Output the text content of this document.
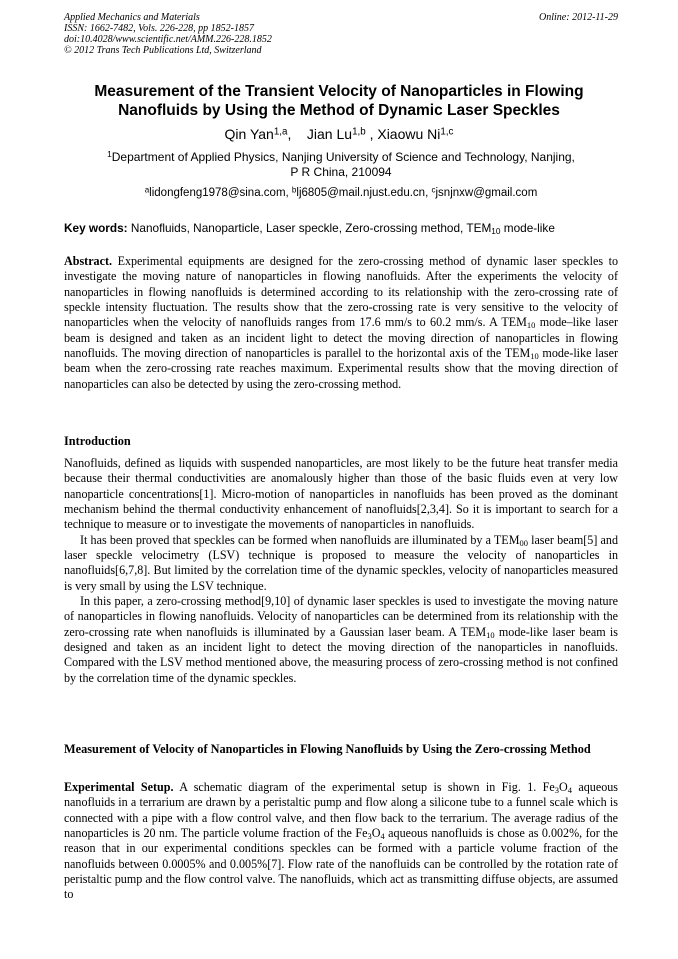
Applied Mechanics and Materials
ISSN: 1662-7482, Vols. 226-228, pp 1852-1857
doi:10.4028/www.scientific.net/AMM.226-228.1852
© 2012 Trans Tech Publications Ltd, Switzerland
Online: 2012-11-29
Measurement of the Transient Velocity of Nanoparticles in Flowing
Nanofluids by Using the Method of Dynamic Laser Speckles
Qin Yan$^{1,a}$,    Jian Lu$^{1,b}$ , Xiaowu Ni$^{1,c}$
$^1$Department of Applied Physics, Nanjing University of Science and Technology, Nanjing,
P R China, 210094
$^a$lidongfeng1978@sina.com, $^b$lj6805@mail.njust.edu.cn, $^c$jsnjnxw@gmail.com
Key words: Nanofluids, Nanoparticle, Laser speckle, Zero-crossing method, $TEM_{10}$ mode-like
Abstract. Experimental equipments are designed for the zero-crossing method of dynamic laser speckles to investigate the moving nature of nanoparticles in flowing nanofluids. After the experiments the velocity of nanoparticles in flowing nanofluids is determined according to its relationship with the zero-crossing rate of speckle intensity fluctuation. The results show that the zero-crossing rate is very sensitive to the velocity of nanoparticles when the velocity of nanofluids ranges from 17.6 mm/s to 60.2 mm/s. A $TEM_{10}$ mode–like laser beam is designed and taken as an incident light to detect the moving direction of nanoparticles in flowing nanofluids. The moving direction of nanoparticles is parallel to the horizontal axis of the $TEM_{10}$ mode-like laser beam when the zero-crossing rate reaches maximum. Experimental results show that the moving direction of nanoparticles can also be detected by using the zero-crossing method.
Introduction

Nanofluids, defined as liquids with suspended nanoparticles, are most likely to be the future heat transfer media because their thermal conductivities are anomalously higher than those of the basic fluids even at very low nanoparticle concentrations[1]. Micro-motion of nanoparticles in nanofluids has been proved as the dominant mechanism behind the thermal conductivity enhancement of nanofluids[2,3,4]. So it is important to search for a technique to measure or to investigate the movements of nanoparticles in nanofluids.

It has been proved that speckles can be formed when nanofluids are illuminated by a $TEM_{00}$ laser beam[5] and laser speckle velocimetry (LSV) technique is proposed to measure the velocity of nanoparticles in nanofluids[6,7,8]. But limited by the correlation time of the dynamic speckles, velocity of nanoparticles measured is very small by using the LSV technique.

In this paper, a zero-crossing method[9,10] of dynamic laser speckles is used to investigate the moving nature of nanoparticles in flowing nanofluids. Velocity of nanoparticles can be determined from its relationship with the zero-crossing rate when nanofluids is illuminated by a Gaussian laser beam. A $TEM_{10}$ mode-like laser beam is designed and taken as an incident light to detect the moving direction of the nanoparticles in nanofluids. Compared with the LSV method mentioned above, the measuring process of zero-crossing method is not confined by the correlation time of the dynamic speckles.

Measurement of Velocity of Nanoparticles in Flowing Nanofluids by Using the Zero-crossing Method
Experimental Setup. A schematic diagram of the experimental setup is shown in Fig. 1. $Fe_3O_4$ aqueous nanofluids in a terrarium are drawn by a peristaltic pump and flow along a silicone tube to a funnel scale which is connected with a pipe with a flow control valve, and then flow back to the terrarium. The average radius of the nanoparticles is 20 nm. The particle volume fraction of the $Fe_3O_4$ aqueous nanofluids is chose as 0.002%, for the reason that in our experimental conditions speckles can be formed with a particle volume fraction of the nanofluids between 0.0005% and 0.005%[7]. Flow rate of the nanofluids can be controlled by the rotation rate of peristaltic pump and the flow control valve. The nanofluids, which act as transmitting diffuse objects, are assumed to
